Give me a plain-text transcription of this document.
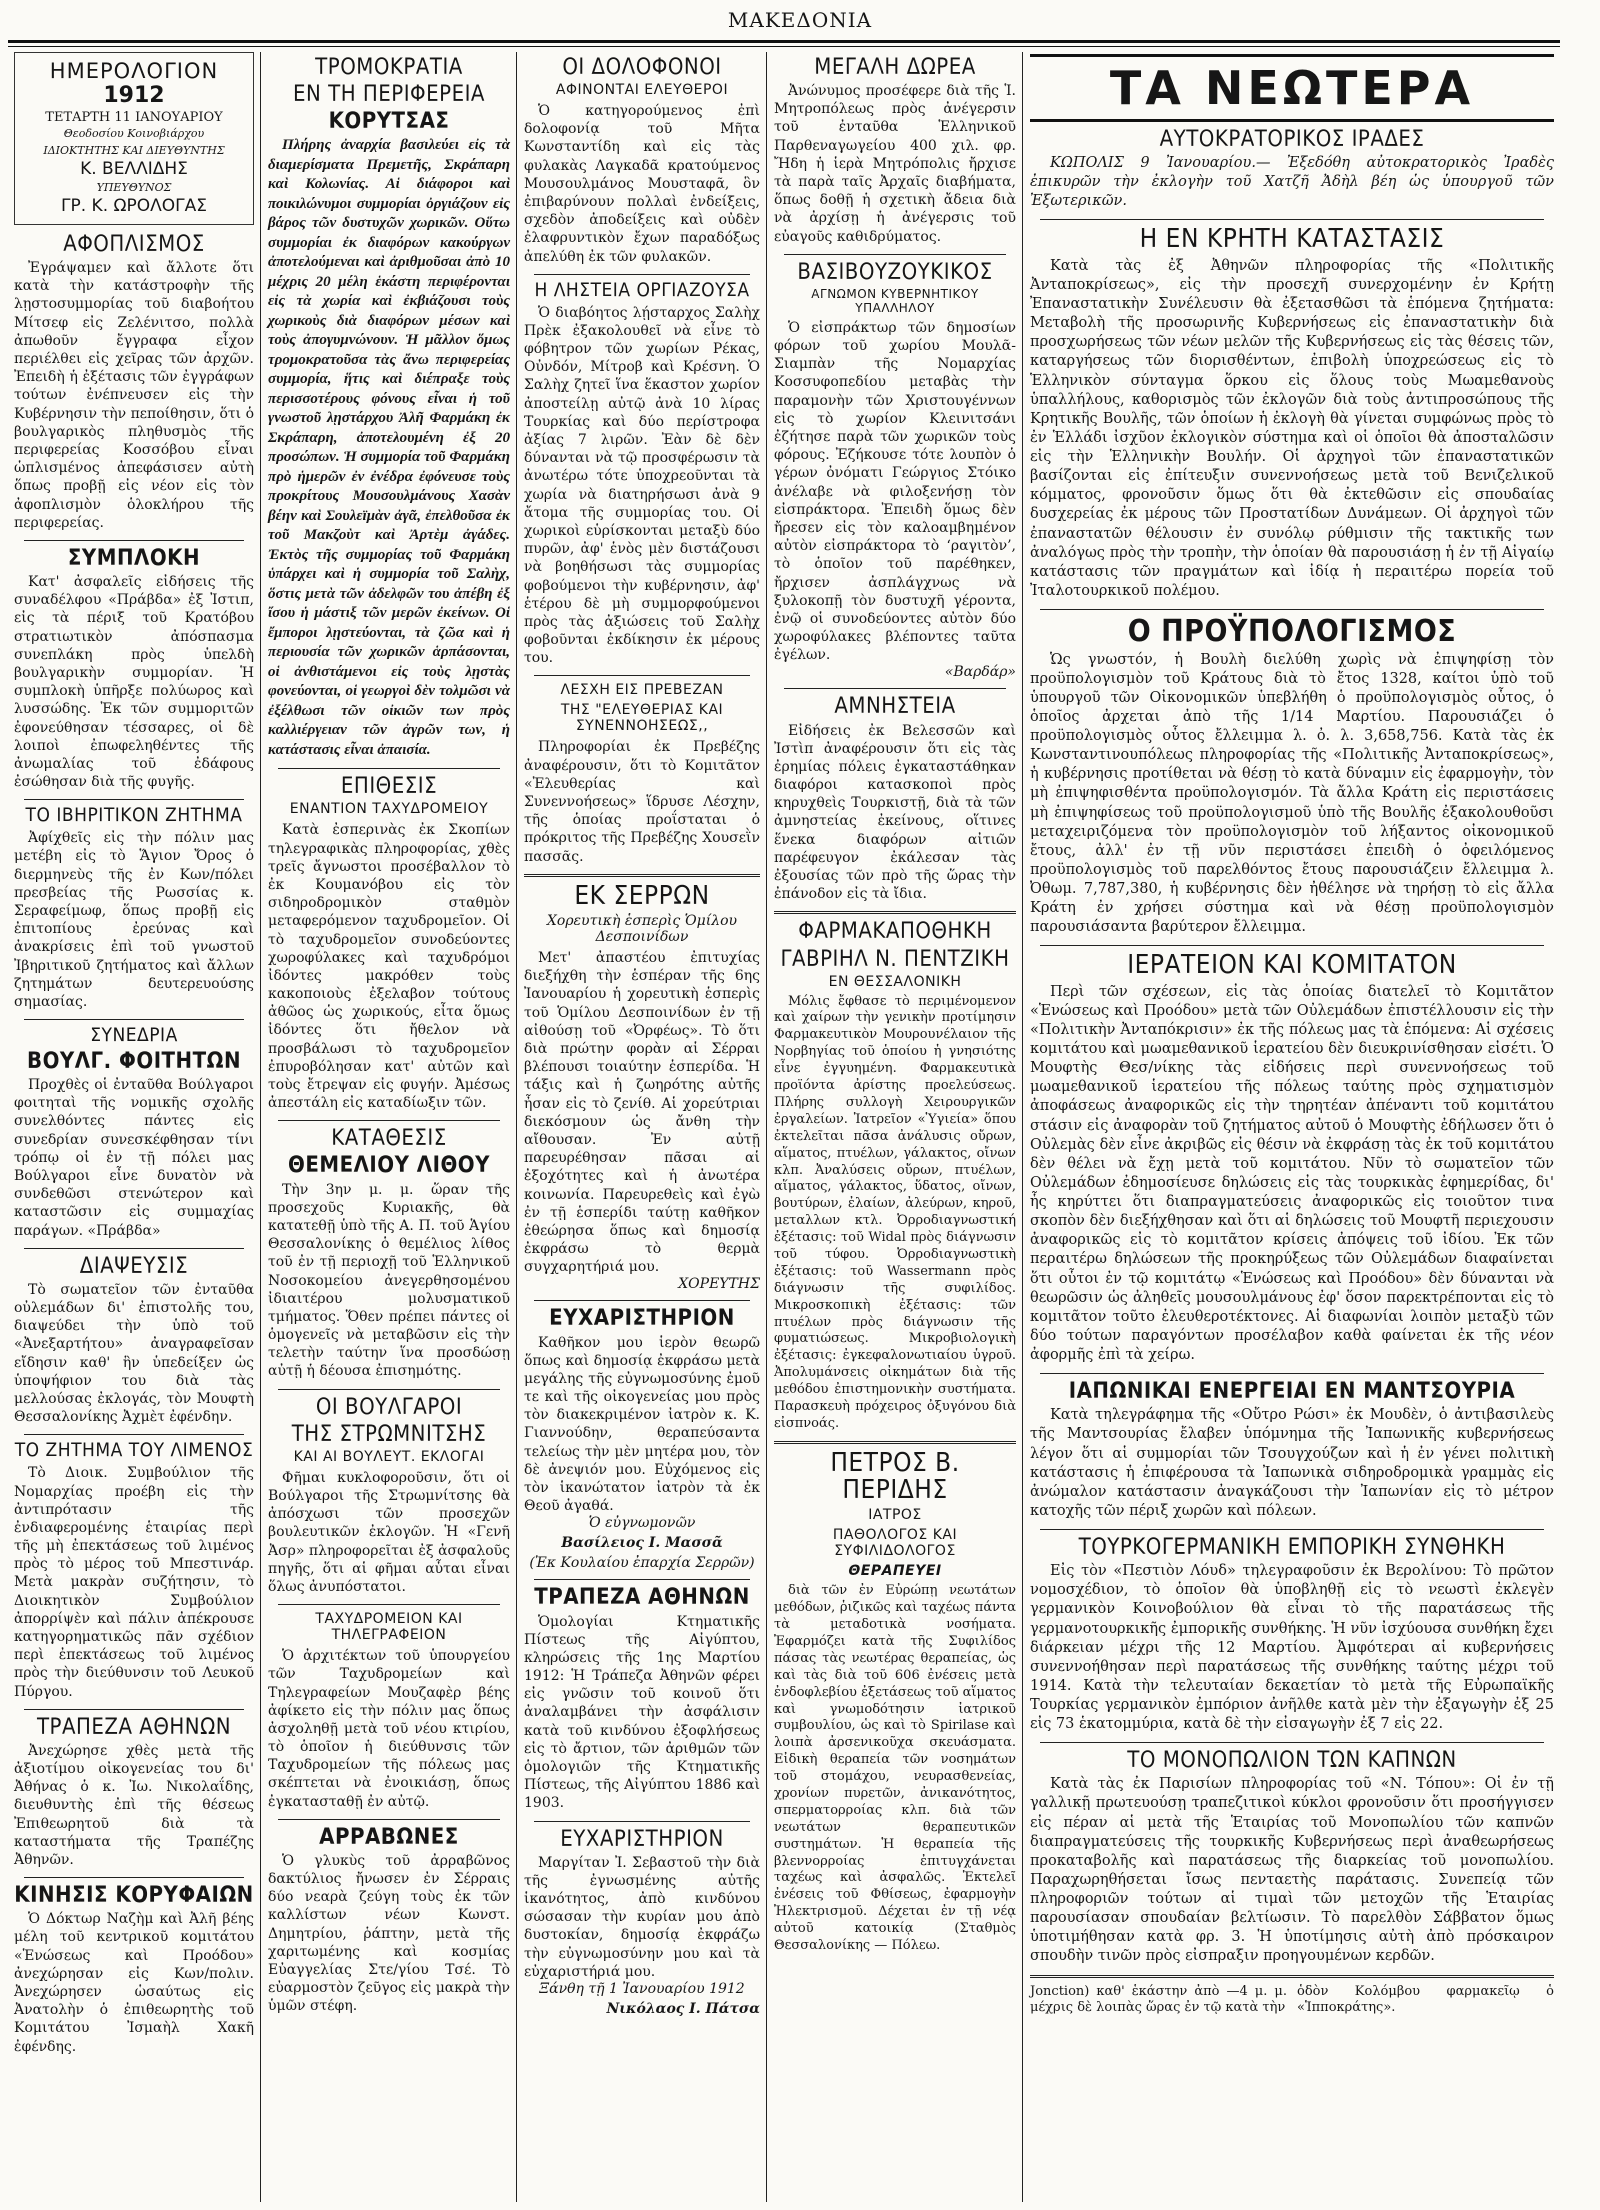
ΜΑΚΕΔΟΝΙΑ
ΗΜΕΡΟΛΟΓΙΟΝ
1912
ΤΕΤΑΡΤΗ 11 ΙΑΝΟΥΑΡΙΟΥ
Θεοδοσίου Κοινοβιάρχου
ΙΔΙΟΚΤΗΤΗΣ ΚΑΙ ΔΙΕΥΘΥΝΤΗΣ
Κ. ΒΕΛΛΙΔΗΣ
ΥΠΕΥΘΥΝΟΣ
ΓΡ. Κ. ΩΡΟΛΟΓΑΣ
ΑΦΟΠΛΙΣΜΟΣ

Ἐγράψαμεν καὶ ἄλλοτε ὅτι κατὰ τὴν κατάστροφὴν τῆς λῃστοσυμμορίας τοῦ διαβοήτου Μίτσεφ εἰς Ζελένιτσο, πολλὰ ἀπωθοῦν ἔγγραφα εἶχον περιέλθει εἰς χεῖρας τῶν ἀρχῶν. Ἐπειδὴ ἡ ἐξέτασις τῶν ἐγγράφων τούτων ἐνέπνευσεν εἰς τὴν Κυβέρνησιν τὴν πεποίθησιν, ὅτι ὁ βουλγαρικὸς πληθυσμὸς τῆς περιφερείας Κοσσόβου εἶναι ὡπλισμένος ἀπεφάσισεν αὐτὴ ὅπως προβῇ εἰς νέον εἰς τὸν ἀφοπλισμὸν ὁλοκλήρου τῆς περιφερείας.

ΣΥΜΠΛΟΚΗ

Κατ' ἀσφαλεῖς εἰδήσεις τῆς συναδέλφου «Πράβδα» ἐξ Ἰστιπ, εἰς τὰ πέριξ τοῦ Κρατόβου στρατιωτικὸν ἀπόσπασμα συνεπλάκη πρὸς ὑπελδὴ βουλγαρικὴν συμμορίαν. Ἡ συμπλοκὴ ὑπῆρξε πολύωρος καὶ λυσσώδης. Ἐκ τῶν συμμοριτῶν ἐφονεύθησαν τέσσαρες, οἱ δὲ λοιποὶ ἐπωφεληθέντες τῆς ἀνωμαλίας τοῦ ἐδάφους ἐσώθησαν διὰ τῆς φυγῆς.

ΤΟ ΙΒΗΡΙΤΙΚΟΝ ΖΗΤΗΜΑ

Ἀφίχθεῖς εἰς τὴν πόλιν μας μετέβη εἰς τὸ Ἅγιον Ὄρος ὁ διερμηνεὺς τῆς ἐν Κων/πόλει πρεσβείας τῆς Ρωσσίας κ. Σεραφείμωφ, ὅπως προβῇ εἰς ἐπιτοπίους ἐρεύνας καὶ ἀνακρίσεις ἐπὶ τοῦ γνωστοῦ Ἰβηριτικοῦ ζητήματος καὶ ἄλλων ζητημάτων δευτερευούσης σημασίας.

ΣΥΝΕΔΡΙΑ
ΒΟΥΛΓ. ΦΟΙΤΗΤΩΝ

Προχθὲς οἱ ἐνταῦθα Βούλγαροι φοιτηταὶ τῆς νομικῆς σχολῆς συνελθόντες πάντες εἰς συνεδρίαν συνεσκέφθησαν τίνι τρόπῳ οἱ ἐν τῇ πόλει μας Βούλγαροι εἶνε δυνατὸν νὰ συνδεθῶσι στενώτερον καὶ καταστῶσιν εἰς συμμαχίας παράγων. «Πράβδα»

ΔΙΑΨΕΥΣΙΣ

Τὸ σωματεῖον τῶν ἐνταῦθα οὐλεμάδων δι' ἐπιστολῆς του, διαψεύδει τὴν ὑπὸ τοῦ «Ἀνεξαρτήτου» ἀναγραφεῖσαν εἴδησιν καθ' ἣν ὑπεδείξεν ὡς ὑποψήφιον του διὰ τὰς μελλούσας ἐκλογάς, τὸν Μουφτὴ Θεσσαλονίκης Ἀχμὲτ ἐφένδην.

ΤΟ ΖΗΤΗΜΑ ΤΟΥ ΛΙΜΕΝΟΣ

Τὸ Διοικ. Συμβούλιον τῆς Νομαρχίας προέβη εἰς τὴν ἀντιπρότασιν τῆς ἐνδιαφερομένης ἑταιρίας περὶ τῆς μὴ ἐπεκτάσεως τοῦ λιμένος πρὸς τὸ μέρος τοῦ Μπεστινάρ. Μετὰ μακρὰν συζήτησιν, τὸ Διοικητικὸν Συμβούλιον ἀπορρίψὲν καὶ πάλιν ἀπέκρουσε κατηγορηματικῶς πᾶν σχέδιον περὶ ἐπεκτάσεως τοῦ λιμένος πρὸς τὴν διεύθυνσιν τοῦ Λευκοῦ Πύργου.

ΤΡΑΠΕΖΑ ΑΘΗΝΩΝ

Ἀνεχώρησε χθὲς μετὰ τῆς ἀξιοτίμου οἰκογενείας του δι' Ἀθήνας ὁ κ. Ἰω. Νικολαΐδης, διευθυντὴς ἐπὶ τῆς θέσεως Ἐπιθεωρητοῦ διὰ τὰ καταστήματα τῆς Τραπέζης Ἀθηνῶν.

ΚΙΝΗΣΙΣ ΚΟΡΥΦΑΙΩΝ

Ὁ Δόκτωρ Ναζὴμ καὶ Ἀλῆ βέης μέλη τοῦ κεντρικοῦ κομιτάτου «Ἑνώσεως καὶ Προόδου» ἀνεχώρησαν εἰς Κων/πολιν. Ἀνεχώρησεν ὡσαύτως εἰς Ἀνατολὴν ὁ ἐπιθεωρητὴς τοῦ Κομιτάτου Ἰσμαὴλ Χακῆ ἐφένδης.

ΤΡΟΜΟΚΡΑΤΙΑ
ΕΝ ΤΗ ΠΕΡΙΦΕΡΕΙΑ
ΚΟΡΥΤΣΑΣ

Πλήρης ἀναρχία βασιλεύει εἰς τὰ διαμερίσματα Πρεμετῆς, Σκράπαρη καὶ Κολωνίας. Αἱ διάφοροι καὶ ποικιλώνυμοι συμμορίαι ὀργιάζουν εἰς βάρος τῶν δυστυχῶν χωρικῶν. Οὕτω συμμορίαι ἐκ διαφόρων κακούργων ἀποτελούμεναι καὶ ἀριθμοῦσαι ἀπὸ 10 μέχρις 20 μέλη ἑκάστη περιφέρονται εἰς τὰ χωρία καὶ ἐκβιάζουσι τοὺς χωρικοὺς διὰ διαφόρων μέσων καὶ τοὺς ἀπογυμνώνουν. Ἡ μᾶλλον ὅμως τρομοκρατοῦσα τὰς ἄνω περιφερείας συμμορία, ἥτις καὶ διέπραξε τοὺς περισσοτέρους φόνους εἶναι ἡ τοῦ γνωστοῦ λῃστάρχου Ἀλῆ Φαρμάκη ἐκ Σκράπαρη, ἀποτελουμένη ἐξ 20 προσώπων. Ἡ συμμορία τοῦ Φαρμάκη πρὸ ἡμερῶν ἐν ἐνέδρα ἐφόνευσε τοὺς προκρίτους Μουσουλμάνους Χασὰν βέην καὶ Σουλεϊμὰν ἀγᾶ, ἐπελθοῦσα ἐκ τοῦ Μακζοὺτ καὶ Ἀρτὲμ ἀγάδες. Ἐκτὸς τῆς συμμορίας τοῦ Φαρμάκη ὑπάρχει καὶ ἡ συμμορία τοῦ Σαλὴχ, ὅστις μετὰ τῶν ἀδελφῶν του ἀπέβη ἐξ ἴσου ἡ μάστιξ τῶν μερῶν ἐκείνων. Οἱ ἔμποροι λῃστεύονται, τὰ ζῶα καὶ ἡ περιουσία τῶν χωρικῶν ἁρπάσονται, οἱ ἀνθιστάμενοι εἰς τοὺς λῃστὰς φονεύονται, οἱ γεωργοὶ δὲν τολμῶσι νὰ ἐξέλθωσι τῶν οἰκιῶν των πρὸς καλλιέργειαν τῶν ἀγρῶν των, ἡ κατάστασις εἶναι ἀπαισία.

ΕΠΙΘΕΣΙΣ
ΕΝΑΝΤΙΟΝ ΤΑΧΥΔΡΟΜΕΙΟΥ

Κατὰ ἐσπερινὰς ἐκ Σκοπίων τηλεγραφικὰς πληροφορίας, χθὲς τρεῖς ἄγνωστοι προσέβαλλον τὸ ἐκ Κουμανόβου εἰς τὸν σιδηροδρομικὸν σταθμὸν μεταφερόμενον ταχυδρομεῖον. Οἱ τὸ ταχυδρομεῖον συνοδεύοντες χωροφύλακες καὶ ταχυδρόμοι ἰδόντες μακρόθεν τοὺς κακοποιοὺς ἐξελαβον τούτους ἀθῶος ὡς χωρικούς, εἶτα ὅμως ἰδόντες ὅτι ἤθελον νὰ προσβάλωσι τὸ ταχυδρομεῖον ἐπυροβόλησαν κατ' αὐτῶν καὶ τοὺς ἔτρεψαν εἰς φυγήν. Ἀμέσως ἀπεστάλη εἰς καταδίωξιν τῶν.

ΚΑΤΑΘΕΣΙΣ
ΘΕΜΕΛΙΟΥ ΛΙΘΟΥ

Τὴν 3ην μ. μ. ὥραν τῆς προσεχοῦς Κυριακῆς, θὰ κατατεθῇ ὑπὸ τῆς Α. Π. τοῦ Ἁγίου Θεσσαλονίκης ὁ θεμέλιος λίθος τοῦ ἐν τῇ περιοχῇ τοῦ Ἑλληνικοῦ Νοσοκομείου ἀνεγερθησομένου ἰδιαιτέρου μολυσματικοῦ τμήματος. Ὅθεν πρέπει πάντες οἱ ὁμογενεῖς νὰ μεταβῶσιν εἰς τὴν τελετὴν ταύτην ἵνα προσδώσῃ αὐτῇ ἡ δέουσα ἐπισημότης.

ΟΙ ΒΟΥΛΓΑΡΟΙ
ΤΗΣ ΣΤΡΩΜΝΙΤΣΗΣ
ΚΑΙ ΑΙ ΒΟΥΛΕΥΤ. ΕΚΛΟΓΑΙ

Φῆμαι κυκλοφοροῦσιν, ὅτι οἱ Βούλγαροι τῆς Στρωμνίτσης θὰ ἀπόσχωσι τῶν προσεχῶν βουλευτικῶν ἐκλογῶν. Ἡ «Γενῆ Ἀσρ» πληροφορεῖται ἐξ ἀσφαλοῦς πηγῆς, ὅτι αἱ φῆμαι αὗται εἶναι ὅλως ἀνυπόστατοι.

ΤΑΧΥΔΡΟΜΕΙΟΝ ΚΑΙ ΤΗΛΕΓΡΑΦΕΙΟΝ

Ὁ ἀρχιτέκτων τοῦ ὑπουργείου τῶν Ταχυδρομείων καὶ Τηλεγραφείων Μουζαφὲρ βέης ἀφίκετο εἰς τὴν πόλιν μας ὅπως ἀσχοληθῇ μετὰ τοῦ νέου κτιρίου, τὸ ὁποῖον ἡ διεύθυνσις τῶν Ταχυδρομείων τῆς πόλεως μας σκέπτεται νὰ ἐνοικιάσῃ, ὅπως ἐγκατασταθῇ ἐν αὐτῷ.

ΑΡΡΑΒΩΝΕΣ

Ὁ γλυκὺς τοῦ ἀρραβῶνος δακτύλιος ἤνωσεν ἐν Σέρραις δύο νεαρὰ ζεύγη τοὺς ἐκ τῶν καλλίστων νέων Κωνστ. Δημητρίου, ῥάπτην, μετὰ τῆς χαριτωμένης καὶ κοσμίας Εὐαγγελίας Στε/γίου Τσέ. Τὸ εὐαρμοστὸν ζεῦγος εἰς μακρὰ τὴν ὑμῶν στέφη.

ΟΙ ΔΟΛΟΦΟΝΟΙ
ΑΦΙΝΟΝΤΑΙ ΕΛΕΥΘΕΡΟΙ

Ὁ κατηγορούμενος ἐπὶ δολοφονίᾳ τοῦ Μῆτα Κωνσταντίδη καὶ εἰς τὰς φυλακὰς Λαγκαδᾶ κρατούμενος Μουσουλμάνος Μουσταφᾶ, ὃν ἐπιβαρύνουν πολλαὶ ἐνδείξεις, σχεδὸν ἀποδείξεις καὶ οὐδὲν ἐλαφρυντικὸν ἔχων παραδόξως ἀπελύθη ἐκ τῶν φυλακῶν.

Η ΛΗΣΤΕΙΑ ΟΡΓΙΑΖΟΥΣΑ

Ὁ διαβόητος λῄσταρχος Σαλὴχ Πρὲκ ἐξακολουθεῖ νὰ εἶνε τὸ φόβητρον τῶν χωρίων Ρέκας, Οὐνδόν, Μίτροβ καὶ Κρέσνη. Ὁ Σαλὴχ ζητεῖ ἵνα ἕκαστον χωρίον ἀποστείλῃ αὐτῷ ἀνὰ 10 λίρας Τουρκίας καὶ δύο περίστροφα ἀξίας 7 λιρῶν. Ἐὰν δὲ δὲν δύνανται νὰ τῷ προσφέρωσιν τὰ ἀνωτέρω τότε ὑποχρεοῦνται τὰ χωρία νὰ διατηρήσωσι ἀνὰ 9 ἄτομα τῆς συμμορίας του. Οἱ χωρικοὶ εὑρίσκονται μεταξὺ δύο πυρῶν, ἀφ' ἑνὸς μὲν διστάζουσι νὰ βοηθήσωσι τὰς συμμορίας φοβούμενοι τὴν κυβέρνησιν, ἀφ' ἑτέρου δὲ μὴ συμμορφούμενοι πρὸς τὰς ἀξιώσεις τοῦ Σαλὴχ φοβοῦνται ἐκδίκησιν ἐκ μέρους του.

ΛΕΣΧΗ ΕΙΣ ΠΡΕΒΕΖΑΝ
ΤΗΣ "ΕΛΕΥΘΕΡΙΑΣ ΚΑΙ ΣΥΝΕΝΝΟΗΣΕΩΣ,,

Πληροφορίαι ἐκ Πρεβέζης ἀναφέρουσιν, ὅτι τὸ Κομιτᾶτον «Ἐλευθερίας καὶ Συνεννοήσεως» ἵδρυσε Λέσχην, τῆς ὁποίας προΐσταται ὁ πρόκριτος τῆς Πρεβέζης Χουσεῒν πασσᾶς.

ΕΚ ΣΕΡΡΩΝ
Χορευτικὴ ἑσπερὶς Ὁμίλου Δεσποινίδων

Μετ' ἀπαστέου ἐπιτυχίας διεξήχθη τὴν ἑσπέραν τῆς 6ης Ἰανουαρίου ἡ χορευτικὴ ἑσπερὶς τοῦ Ὁμίλου Δεσποινίδων ἐν τῇ αἰθούσῃ τοῦ «Ὀρφέως». Τὸ ὅτι διὰ πρώτην φορὰν αἱ Σέρραι βλέπουσι τοιαύτην ἑσπερίδα. Ἡ τάξις καὶ ἡ ζωηρότης αὐτῆς ἦσαν εἰς τὸ ζενίθ. Αἱ χορεύτριαι διεκόσμουν ὡς ἄνθη τὴν αἴθουσαν. Ἐν αὐτῇ παρευρέθησαν πᾶσαι αἱ ἐξοχότητες καὶ ἡ ἀνωτέρα κοινωνία. Παρευρεθεὶς καὶ ἐγὼ ἐν τῇ ἑσπερίδι ταύτῃ καθῆκον ἐθεώρησα ὅπως καὶ δημοσίᾳ ἐκφράσω τὸ θερμὰ συγχαρητήριά μου.

ΧΟΡΕΥΤΗΣ
ΕΥΧΑΡΙΣΤΗΡΙΟΝ

Καθῆκον μου ἱερὸν θεωρῶ ὅπως καὶ δημοσίᾳ ἐκφράσω μετὰ μεγάλης τῆς εὐγνωμοσύνης ἐμοῦ τε καὶ τῆς οἰκογενείας μου πρὸς τὸν διακεκριμένον ἰατρὸν κ. Κ. Γιαννούδην, θεραπεύσαντα τελείως τὴν μὲν μητέρα μου, τὸν δὲ ἀνεψιόν μου. Εὐχόμενος εἰς τὸν ἱκανώτατον ἰατρὸν τὰ ἐκ Θεοῦ ἀγαθά.

Ὁ εὐγνωμονῶν
Βασίλειος Ι. Μασσᾶ
(Ἐκ Κουλαίου ἐπαρχία Σερρῶν)
ΤΡΑΠΕΖΑ ΑΘΗΝΩΝ

Ὁμολογίαι Κτηματικῆς Πίστεως τῆς Αἰγύπτου, κληρώσεις τῆς 1ης Μαρτίου 1912: Ἡ Τράπεζα Ἀθηνῶν φέρει εἰς γνῶσιν τοῦ κοινοῦ ὅτι ἀναλαμβάνει τὴν ἀσφάλισιν κατὰ τοῦ κινδύνου ἐξοφλήσεως εἰς τὸ ἄρτιον, τῶν ἀριθμῶν τῶν ὁμολογιῶν τῆς Κτηματικῆς Πίστεως, τῆς Αἰγύπτου 1886 καὶ 1903.

ΕΥΧΑΡΙΣΤΗΡΙΟΝ

Μαργίταν Ἰ. Σεβαστοῦ τὴν διὰ τῆς ἐγνωσμένης αὐτῆς ἱκανότητος, ἀπὸ κινδύνου σώσασαν τὴν κυρίαν μου ἀπὸ δυστοκίαν, δημοσίᾳ ἐκφράζω τὴν εὐγνωμοσύνην μου καὶ τὰ εὐχαριστήριά μου.

Ξάνθη τῇ 1 Ἰανουαρίου 1912
Νικόλαος Ι. Πάτσα
ΜΕΓΑΛΗ ΔΩΡΕΑ

Ἀνώνυμος προσέφερε διὰ τῆς Ἱ. Μητροπόλεως πρὸς ἀνέγερσιν τοῦ ἐνταῦθα Ἑλληνικοῦ Παρθεναγωγείου 400 χιλ. φρ. Ἤδη ἡ ἱερὰ Μητρόπολις ἤρχισε τὰ παρὰ ταῖς Ἀρχαῖς διαβήματα, ὅπως δοθῇ ἡ σχετικὴ ἄδεια διὰ νὰ ἀρχίσῃ ἡ ἀνέγερσις τοῦ εὐαγοῦς καθιδρύματος.

ΒΑΣΙΒΟΥΖΟΥΚΙΚΟΣ
ΑΓΝΩΜΟΝ ΚΥΒΕΡΝΗΤΙΚΟΥ ΥΠΑΛΛΗΛΟΥ

Ὁ εἰσπράκτωρ τῶν δημοσίων φόρων τοῦ χωρίου Μουλᾶ-Σιαμπὰν τῆς Νομαρχίας Κοσσυφοπεδίου μεταβὰς τὴν παραμονὴν τῶν Χριστουγέννων εἰς τὸ χωρίον Κλεινιτσάνι ἐζήτησε παρὰ τῶν χωρικῶν τοὺς φόρους. Ἐζήκουσε τότε λουπὸν ὁ γέρων ὀνόματι Γεώργιος Στόικο ἀνέλαβε νὰ φιλοξενήσῃ τὸν εἰσπράκτορα. Ἐπειδὴ ὅμως δὲν ἤρεσεν εἰς τὸν καλοαμβημένον αὐτὸν εἰσπράκτορα τὸ ‘ραγιτὸν’, τὸ ὁποῖον τοῦ παρέθηκεν, ἤρχισεν ἀσπλάγχνως νὰ ξυλοκοπῇ τὸν δυστυχῆ γέροντα, ἐνῷ οἱ συνοδεύοντες αὐτὸν δύο χωροφύλακες βλέποντες ταῦτα ἐγέλων.

«Βαρδάρ»
ΑΜΝΗΣΤΕΙΑ

Εἰδήσεις ἐκ Βελεσσῶν καὶ Ἰστὶπ ἀναφέρουσιν ὅτι εἰς τὰς ἐρημίας πόλεις ἐγκαταστάθηκαν διαφόροι κατασκοποὶ πρὸς κηρυχθεὶς Τουρκιστῇ, διὰ τὰ τῶν ἀμνηστείας ἐκείνους, οἵτινες ἕνεκα διαφόρων αἰτιῶν παρέφευγον ἐκάλεσαν τὰς ἐξουσίας τῶν πρὸ τῆς ὥρας τὴν ἐπάνοδον εἰς τὰ ἴδια.

ΦΑΡΜΑΚΑΠΟΘΗΚΗ
ΓΑΒΡΙΗΛ Ν. ΠΕΝΤΖΙΚΗ
ΕΝ ΘΕΣΣΑΛΟΝΙΚΗ

Μόλις ἔφθασε τὸ περιμένομενον καὶ χαίρων τὴν γενικὴν προτίμησιν Φαρμακευτικὸν Μουρουνέλαιον τῆς Νορβηγίας τοῦ ὁποίου ἡ γνησιότης εἶνε ἐγγυημένη. Φαρμακευτικὰ προϊόντα ἀρίστης προελεύσεως. Πλήρης συλλογὴ Χειρουργικῶν ἐργαλείων. Ἰατρεῖον «Ὑγιεία» ὅπου ἐκτελεῖται πᾶσα ἀνάλυσις οὔρων, αἵματος, πτυέλων, γάλακτος, οἴνων κλπ. Ἀναλύσεις οὔρων, πτυέλων, αἵματος, γάλακτος, ὕδατος, οἴνων, βουτύρων, ἐλαίων, ἀλεύρων, κηροῦ, μεταλλων κτλ. Ὀρροδιαγνωστική ἐξέτασις: τοῦ Widal πρὸς διάγνωσιν τοῦ τύφου. Ὀρροδιαγνωστικὴ ἐξέτασις: τοῦ Wassermann πρὸς διάγνωσιν τῆς συφιλίδος. Μικροσκοπικὴ ἐξέτασις: τῶν πτυέλων πρὸς διάγνωσιν τῆς φυματιώσεως. Μικροβιολογικὴ ἐξέτασις: ἐγκεφαλονωτιαίου ὑγροῦ. Ἀπολυμάνσεις οἰκημάτων διὰ τῆς μεθόδου ἐπιστημονικὴν συστήματα. Παρασκευὴ πρόχειρος ὀξυγόνου διὰ εἰσπνοάς.

ΠΕΤΡΟΣ Β. ΠΕΡΙΔΗΣ
ΙΑΤΡΟΣ
ΠΑΘΟΛΟΓΟΣ ΚΑΙ ΣΥΦΙΛΙΔΟΛΟΓΟΣ
ΘΕΡΑΠΕΥΕΙ

διὰ τῶν ἐν Εὐρώπῃ νεωτάτων μεθόδων, ῥιζικῶς καὶ ταχέως πάντα τὰ μεταδοτικὰ νοσήματα. Ἐφαρμόζει κατὰ τῆς Συφιλίδος πάσας τὰς νεωτέρας θεραπείας, ὡς καὶ τὰς διὰ τοῦ 606 ἐνέσεις μετὰ ἐνδοφλεβίου ἐξετάσεως τοῦ αἵματος καὶ γνωμοδότησιν ἰατρικοῦ συμβουλίου, ὡς καὶ τὸ Spirilase καὶ λοιπὰ ἀρσενικοῦχα σκευάσματα. Εἰδικὴ θεραπεία τῶν νοσημάτων τοῦ στομάχου, νευρασθενείας, χρονίων πυρετῶν, ἀνικανότητος, σπερματορροίας κλπ. διὰ τῶν νεωτάτων θεραπευτικῶν συστημάτων. Ἡ θεραπεία τῆς βλεννορροίας ἐπιτυγχάνεται ταχέως καὶ ἀσφαλῶς. Ἐκτελεῖ ἐνέσεις τοῦ Φθίσεως, ἐφαρμογὴν Ἠλεκτρισμοῦ. Δέχεται ἐν τῇ νέᾳ αὐτοῦ κατοικίᾳ (Σταθμὸς Θεσσαλονίκης — Πόλεω.

ΤΑ ΝΕΩΤΕΡΑ
ΑΥΤΟΚΡΑΤΟΡΙΚΟΣ ΙΡΑΔΕΣ

ΚΩΠΟΛΙΣ 9 Ἰανουαρίου.— Ἐξεδόθη αὐτοκρατορικὸς Ἰραδὲς ἐπικυρῶν τὴν ἐκλογὴν τοῦ Χατζῆ Ἀδὴλ βέη ὡς ὑπουργοῦ τῶν Ἐξωτερικῶν.

Η ΕΝ ΚΡΗΤΗ ΚΑΤΑΣΤΑΣΙΣ

Κατὰ τὰς ἐξ Ἀθηνῶν πληροφορίας τῆς «Πολιτικῆς Ἀνταποκρίσεως», εἰς τὴν προσεχῆ συνερχομένην ἐν Κρήτῃ Ἐπαναστατικὴν Συνέλευσιν θὰ ἐξετασθῶσι τὰ ἑπόμενα ζητήματα: Μεταβολὴ τῆς προσωρινῆς Κυβερνήσεως εἰς ἐπαναστατικὴν διὰ προσχωρήσεως τῶν νέων μελῶν τῆς Κυβερνήσεως εἰς τὰς θέσεις τῶν, καταργήσεως τῶν διορισθέντων, ἐπιβολὴ ὑποχρεώσεως εἰς τὸ Ἑλληνικὸν σύνταγμα ὅρκου εἰς ὅλους τοὺς Μωαμεθανοὺς ὑπαλλήλους, καθορισμὸς τῶν ἐκλογῶν διὰ τοὺς ἀντιπροσώπους τῆς Κρητικῆς Βουλῆς, τῶν ὁποίων ἡ ἐκλογὴ θὰ γίνεται συμφώνως πρὸς τὸ ἐν Ἑλλάδι ἰσχῦον ἐκλογικὸν σύστημα καὶ οἱ ὁποῖοι θὰ ἀποσταλῶσιν εἰς τὴν Ἑλληνικὴν Βουλήν. Οἱ ἀρχηγοὶ τῶν ἐπαναστατικῶν βασίζονται εἰς ἐπίτευξιν συνεννοήσεως μετὰ τοῦ Βενιζελικοῦ κόμματος, φρονοῦσιν ὅμως ὅτι θὰ ἐκτεθῶσιν εἰς σπουδαίας δυσχερείας ἐκ μέρους τῶν Προστατίδων Δυνάμεων. Οἱ ἀρχηγοὶ τῶν ἐπαναστατῶν θέλουσιν ἐν συνόλῳ ρύθμισιν τῆς τακτικῆς των ἀναλόγως πρὸς τὴν τροπὴν, τὴν ὁποίαν θὰ παρουσιάσῃ ἡ ἐν τῇ Αἰγαίῳ κατάστασις τῶν πραγμάτων καὶ ἰδίᾳ ἡ περαιτέρω πορεία τοῦ Ἰταλοτουρκικοῦ πολέμου.

Ο ΠΡΟΫΠΟΛΟΓΙΣΜΟΣ

Ὡς γνωστόν, ἡ Βουλὴ διελύθη χωρὶς νὰ ἐπιψηφίσῃ τὸν προϋπολογισμὸν τοῦ Κράτους διὰ τὸ ἔτος 1328, καίτοι ὑπὸ τοῦ ὑπουργοῦ τῶν Οἰκονομικῶν ὑπεβλήθη ὁ προϋπολογισμὸς οὗτος, ὁ ὁποῖος ἀρχεται ἀπὸ τῆς 1/14 Μαρτίου. Παρουσιάζει ὁ προϋπολογισμὸς οὗτος ἔλλειμμα λ. ὀ. λ. 3,658,756. Κατὰ τὰς ἐκ Κωνσταντινουπόλεως πληροφορίας τῆς «Πολιτικῆς Ἀνταποκρίσεως», ἡ κυβέρνησις προτίθεται νὰ θέσῃ τὸ κατὰ δύναμιν εἰς ἐφαρμογὴν, τὸν μὴ ἐπιψηφισθέντα προϋπολογισμόν. Τὰ ἄλλα Κράτη εἰς περιστάσεις μὴ ἐπιψηφίσεως τοῦ προϋπολογισμοῦ ὑπὸ τῆς Βουλῆς ἐξακολουθοῦσι μεταχειριζόμενα τὸν προϋπολογισμὸν τοῦ λήξαντος οἰκονομικοῦ ἔτους, ἀλλ' ἐν τῇ νῦν περιστάσει ἐπειδὴ ὁ ὀφειλόμενος προϋπολογισμὸς τοῦ παρελθόντος ἔτους παρουσιάζειν ἔλλειμμα λ. Ὀθωμ. 7,787,380, ἡ κυβέρνησις δὲν ἠθέλησε νὰ τηρήσῃ τὸ εἰς ἄλλα Κράτη ἐν χρήσει σύστημα καὶ νὰ θέσῃ προϋπολογισμὸν παρουσιάσαντα βαρύτερον ἔλλειμμα.

ΙΕΡΑΤΕΙΟΝ ΚΑΙ ΚΟΜΙΤΑΤΟΝ

Περὶ τῶν σχέσεων, εἰς τὰς ὁποίας διατελεῖ τὸ Κομιτᾶτον «Ἑνώσεως καὶ Προόδου» μετὰ τῶν Οὐλεμάδων ἐπιστέλλουσιν εἰς τὴν «Πολιτικὴν Ἀνταπόκρισιν» ἐκ τῆς πόλεως μας τὰ ἑπόμενα: Αἱ σχέσεις κομιτάτου καὶ μωαμεθανικοῦ ἱερατείου δὲν διευκρινίσθησαν εἰσέτι. Ὁ Μουφτὴς Θεσ/νίκης τὰς εἰδήσεις περὶ συνεννοήσεως τοῦ μωαμεθανικοῦ ἱερατείου τῆς πόλεως ταύτης πρὸς σχηματισμὸν ἀποφάσεως ἀναφορικῶς εἰς τὴν τηρητέαν ἀπέναντι τοῦ κομιτάτου στάσιν εἰς ἀναφορὰν τοῦ ζητήματος αὐτοῦ ὁ Μουφτὴς ἐδήλωσεν ὅτι ὁ Οὐλεμὰς δὲν εἶνε ἀκριβῶς εἰς θέσιν νὰ ἐκφράσῃ τὰς ἐκ τοῦ κομιτάτου δὲν θέλει νὰ ἔχῃ μετὰ τοῦ κομιτάτου. Νῦν τὸ σωματεῖον τῶν Οὐλεμάδων ἐδημοσίευσε δηλώσεις εἰς τὰς τουρκικὰς ἐφημερίδας, δι' ἧς κηρύττει ὅτι διαπραγματεύσεις ἀναφορικῶς εἰς τοιοῦτον τινα σκοπὸν δὲν διεξήχθησαν καὶ ὅτι αἱ δηλώσεις τοῦ Μουφτῆ περιεχουσιν ἀναφορικῶς εἰς τὸ κομιτᾶτον κρίσεις ἀπόψεις τοῦ ἰδίου. Ἐκ τῶν περαιτέρω δηλώσεων τῆς προκηρύξεως τῶν Οὐλεμάδων διαφαίνεται ὅτι οὗτοι ἐν τῷ κομιτάτῳ «Ἑνώσεως καὶ Προόδου» δὲν δύνανται νὰ θεωρῶσιν ὡς ἀληθεῖς μουσουλμάνους ἐφ' ὅσον παρεκτρέπονται εἰς τὸ κομιτᾶτον τοῦτο ἐλευθεροτέκτονες. Αἱ διαφωνίαι λοιπὸν μεταξὺ τῶν δύο τούτων παραγόντων προσέλαβον καθὰ φαίνεται ἐκ τῆς νέον ἀφορμῆς ἐπὶ τὰ χείρω.

ΙΑΠΩΝΙΚΑΙ ΕΝΕΡΓΕΙΑΙ ΕΝ ΜΑΝΤΣΟΥΡΙΑ

Κατὰ τηλεγράφημα τῆς «Οὔτρο Ρώσι» ἐκ Μουδὲν, ὁ ἀντιβασιλεὺς τῆς Μαντσουρίας ἔλαβεν ὑπόμνημα τῆς Ἰαπωνικῆς κυβερνήσεως λέγον ὅτι αἱ συμμορίαι τῶν Τσουγχούζων καὶ ἡ ἐν γένει πολιτικὴ κατάστασις ἡ ἐπιφέρουσα τὰ Ἰαπωνικὰ σιδηροδρομικὰ γραμμὰς εἰς ἀνώμαλον κατάστασιν ἀναγκάζουσι τὴν Ἰαπωνίαν εἰς τὸ μέτρον κατοχῆς τῶν πέριξ χωρῶν καὶ πόλεων.

ΤΟΥΡΚΟΓΕΡΜΑΝΙΚΗ ΕΜΠΟΡΙΚΗ ΣΥΝΘΗΚΗ

Εἰς τὸν «Πεστιὸν Λόυδ» τηλεγραφοῦσιν ἐκ Βερολίνου: Τὸ πρῶτον νομοσχέδιον, τὸ ὁποῖον θὰ ὑποβληθῇ εἰς τὸ νεωστὶ ἐκλεγὲν γερμανικὸν Κοινοβούλιον θὰ εἶναι τὸ τῆς παρατάσεως τῆς γερμανοτουρκικῆς ἐμπορικῆς συνθήκης. Ἡ νῦν ἰσχύουσα συνθήκη ἔχει διάρκειαν μέχρι τῆς 12 Μαρτίου. Ἀμφότεραι αἱ κυβερνήσεις συνεννοήθησαν περὶ παρατάσεως τῆς συνθήκης ταύτης μέχρι τοῦ 1914. Κατὰ τὴν τελευταίαν δεκαετίαν τὸ μετὰ τῆς Εὐρωπαϊκῆς Τουρκίας γερμανικὸν ἐμπόριον ἀνῆλθε κατὰ μὲν τὴν ἐξαγωγὴν ἐξ 25 εἰς 73 ἑκατομμύρια, κατὰ δὲ τὴν εἰσαγωγὴν ἐξ 7 εἰς 22.

ΤΟ ΜΟΝΟΠΩΛΙΟΝ ΤΩΝ ΚΑΠΝΩΝ

Κατὰ τὰς ἐκ Παρισίων πληροφορίας τοῦ «Ν. Τόπου»: Οἱ ἐν τῇ γαλλικῇ πρωτευούσῃ τραπεζιτικοὶ κύκλοι φρονοῦσιν ὅτι προσήγγισεν εἰς πέραν αἱ μετὰ τῆς Ἑταιρίας τοῦ Μονοπωλίου τῶν καπνῶν διαπραγματεύσεις τῆς τουρκικῆς Κυβερνήσεως περὶ ἀναθεωρήσεως προκαταβολῆς καὶ παρατάσεως τῆς διαρκείας τοῦ μονοπωλίου. Παραχωρηθήσεται ἴσως πενταετὴς παράτασις. Συνεπείᾳ τῶν πληροφοριῶν τούτων αἱ τιμαὶ τῶν μετοχῶν τῆς Ἑταιρίας παρουσίασαν σπουδαίαν βελτίωσιν. Τὸ παρελθὸν Σάββατον ὅμως ὑποτιμήθησαν κατὰ φρ. 3. Ἡ ὑποτίμησις αὐτὴ ἀπὸ πρόσκαιρον σπουδὴν τινῶν πρὸς εἰσπραξιν προηγουμένων κερδῶν.

Jonction) καθ' ἑκάστην ἀπὸ —4 μ. μ. μέχρις δὲ λοιπὰς ὥρας ἐν τῷ κατὰ τὴν

ὁδὸν Κολόμβου φαρμακεῖῳ ὁ «Ἱπποκράτης».
